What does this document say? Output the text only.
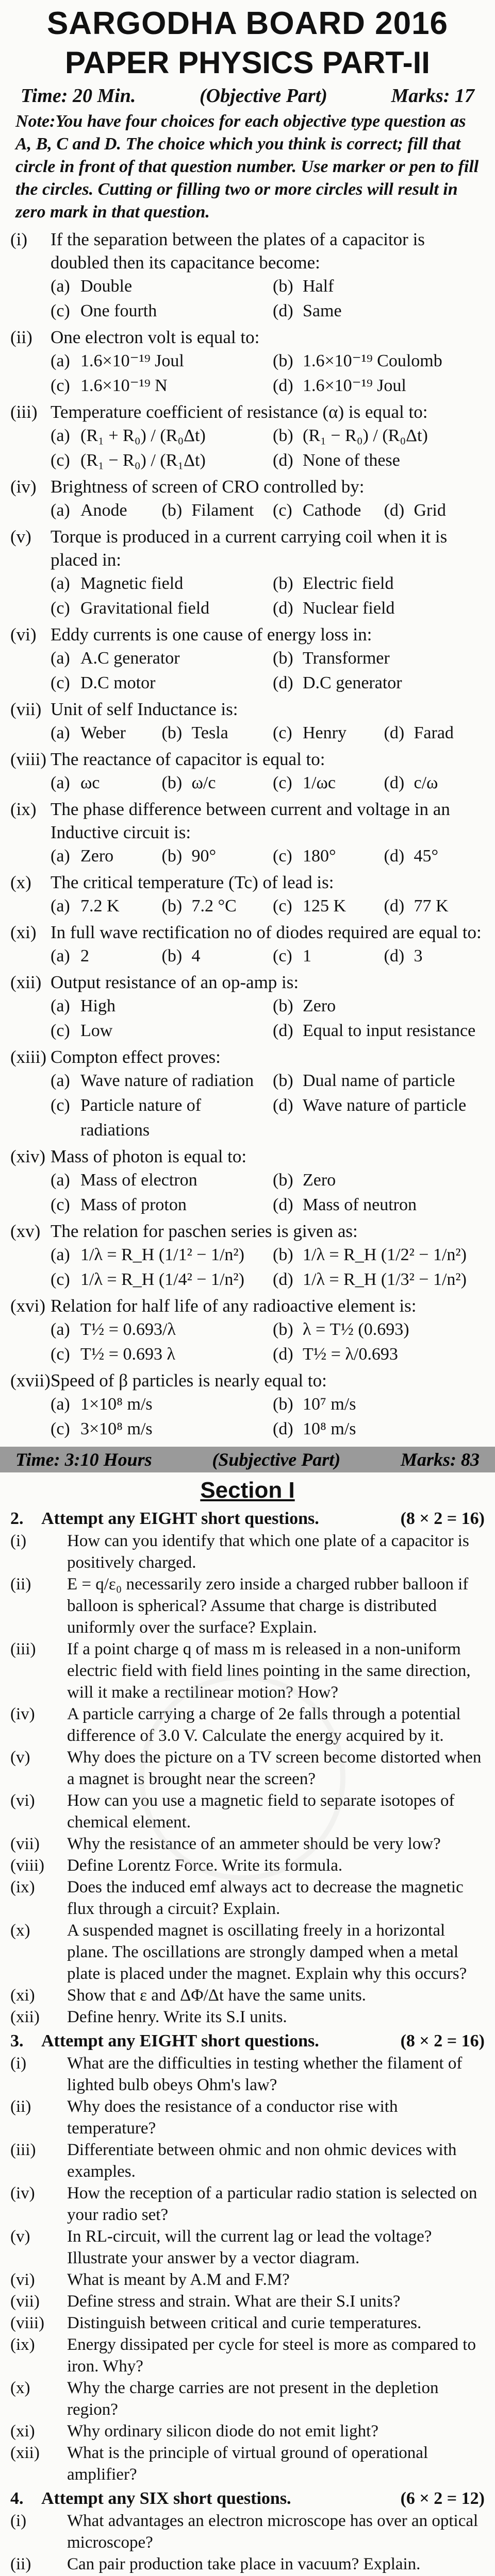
SARGODHA BOARD 2016
PAPER PHYSICS PART-II
Time: 20 Min.	(Objective Part)	Marks: 17
Note:You have four choices for each objective type question as A, B, C and D. The choice which you think is correct; fill that circle in front of that question number. Use marker or pen to fill the circles. Cutting or filling two or more circles will result in zero mark in that question.
(i)	If the separation between the plates of a capacitor is doubled then its capacitance become:
(a) Double	(b) Half
(c) One fourth	(d) Same
(ii)	One electron volt is equal to:
(a) 1.6×10⁻¹⁹ Joul	(b) 1.6×10⁻¹⁹ Coulomb
(c) 1.6×10⁻¹⁹ N	(d) 1.6×10⁻¹⁹ Joul
(iii) Temperature coefficient of resistance (α) is equal to:
(a) (R₁ + R₀) / (R₀Δt)	(b) (R₁ − R₀) / (R₀Δt)
(c) (R₁ − R₀) / (R₁Δt)	(d) None of these
(iv) Brightness of screen of CRO controlled by:
(a) Anode (b) Filament (c) Cathode (d) Grid
(v)	Torque is produced in a current carrying coil when it is placed in:
(a) Magnetic field	(b) Electric field
(c) Gravitational field	(d) Nuclear field
(vi) Eddy currents is one cause of energy loss in:
(a) A.C generator	(b) Transformer
(c) D.C motor	(d) D.C generator
(vii) Unit of self Inductance is:
(a) Weber (b) Tesla	(c) Henry (d) Farad
(viii) The reactance of capacitor is equal to:
(a) ωc	(b) ω/c	(c) 1/ωc	(d) c/ω
(ix) The phase difference between current and voltage in an Inductive circuit is:
(a) Zero	(b) 90°	(c) 180°	(d) 45°
(x)	The critical temperature (Tc) of lead is:
(a) 7.2 K (b) 7.2 °C (c) 125 K (d) 77 K
(xi) In full wave rectification no of diodes required are equal to:
(a) 2	(b) 4	(c) 1	(d) 3
(xii) Output resistance of an op-amp is:
(a) High	(b) Zero
(c) Low	(d) Equal to input resistance
(xiii) Compton effect proves:
(a) Wave nature of radiation (b) Dual name of particle
(c) Particle nature of radiations
(d) Wave nature of particle
(xiv) Mass of photon is equal to:
(a) Mass of electron	(b) Zero
(c) Mass of proton	(d) Mass of neutron
(xv) The relation for paschen series is given as:
(a) 1/λ = R_H (1/1² − 1/n²) (b) 1/λ = R_H (1/2² − 1/n²)
(c) 1/λ = R_H (1/4² − 1/n²) (d) 1/λ = R_H (1/3² − 1/n²)
(xvi) Relation for half life of any radioactive element is:
(a) T½ = 0.693/λ	(b) λ = T½ (0.693)
(c) T½ = 0.693 λ	(d) T½ = λ/0.693
(xvii) Speed of β particles is nearly equal to:
(a) 1×10⁸ m/s	(b) 10⁷ m/s
(c) 3×10⁸ m/s	(d) 10⁸ m/s
Time: 3:10 Hours	(Subjective Part)	Marks: 83
Section I
2.	Attempt any EIGHT short questions.	(8 × 2 = 16)
(i)	How can you identify that which one plate of a capacitor is positively charged.
(ii)	E = q/ε₀ necessarily zero inside a charged rubber balloon if balloon is spherical? Assume that charge is distributed uniformly over the surface? Explain.
(iii)	If a point charge q of mass m is released in a non-uniform electric field with field lines pointing in the same direction, will it make a rectilinear motion? How?
(iv)	A particle carrying a charge of 2e falls through a potential difference of 3.0 V. Calculate the energy acquired by it.
(v)	Why does the picture on a TV screen become distorted when a magnet is brought near the screen?
(vi)	How can you use a magnetic field to separate isotopes of chemical element.
(vii)	Why the resistance of an ammeter should be very low?
(viii)	Define Lorentz Force. Write its formula.
(ix)	Does the induced emf always act to decrease the magnetic flux through a circuit? Explain.
(x)	A suspended magnet is oscillating freely in a horizontal plane. The oscillations are strongly damped when a metal plate is placed under the magnet. Explain why this occurs?
(xi)	Show that ε and ΔΦ/Δt have the same units.
(xii)	Define henry. Write its S.I units.
3.	Attempt any EIGHT short questions.	(8 × 2 = 16)
(i)	What are the difficulties in testing whether the filament of lighted bulb obeys Ohm's law?
(ii)	Why does the resistance of a conductor rise with temperature?
(iii)	Differentiate between ohmic and non ohmic devices with examples.
(iv)	How the reception of a particular radio station is selected on your radio set?
(v)	In RL-circuit, will the current lag or lead the voltage? Illustrate your answer by a vector diagram.
(vi)	What is meant by A.M and F.M?
(vii)	Define stress and strain. What are their S.I units?
(viii)	Distinguish between critical and curie temperatures.
(ix)	Energy dissipated per cycle for steel is more as compared to iron. Why?
(x)	Why the charge carries are not present in the depletion region?
(xi)	Why ordinary silicon diode do not emit light?
(xii)	What is the principle of virtual ground of operational amplifier?
4.	Attempt any SIX short questions.	(6 × 2 = 12)
(i)	What advantages an electron microscope has over an optical microscope?
(ii)	Can pair production take place in vacuum? Explain.
